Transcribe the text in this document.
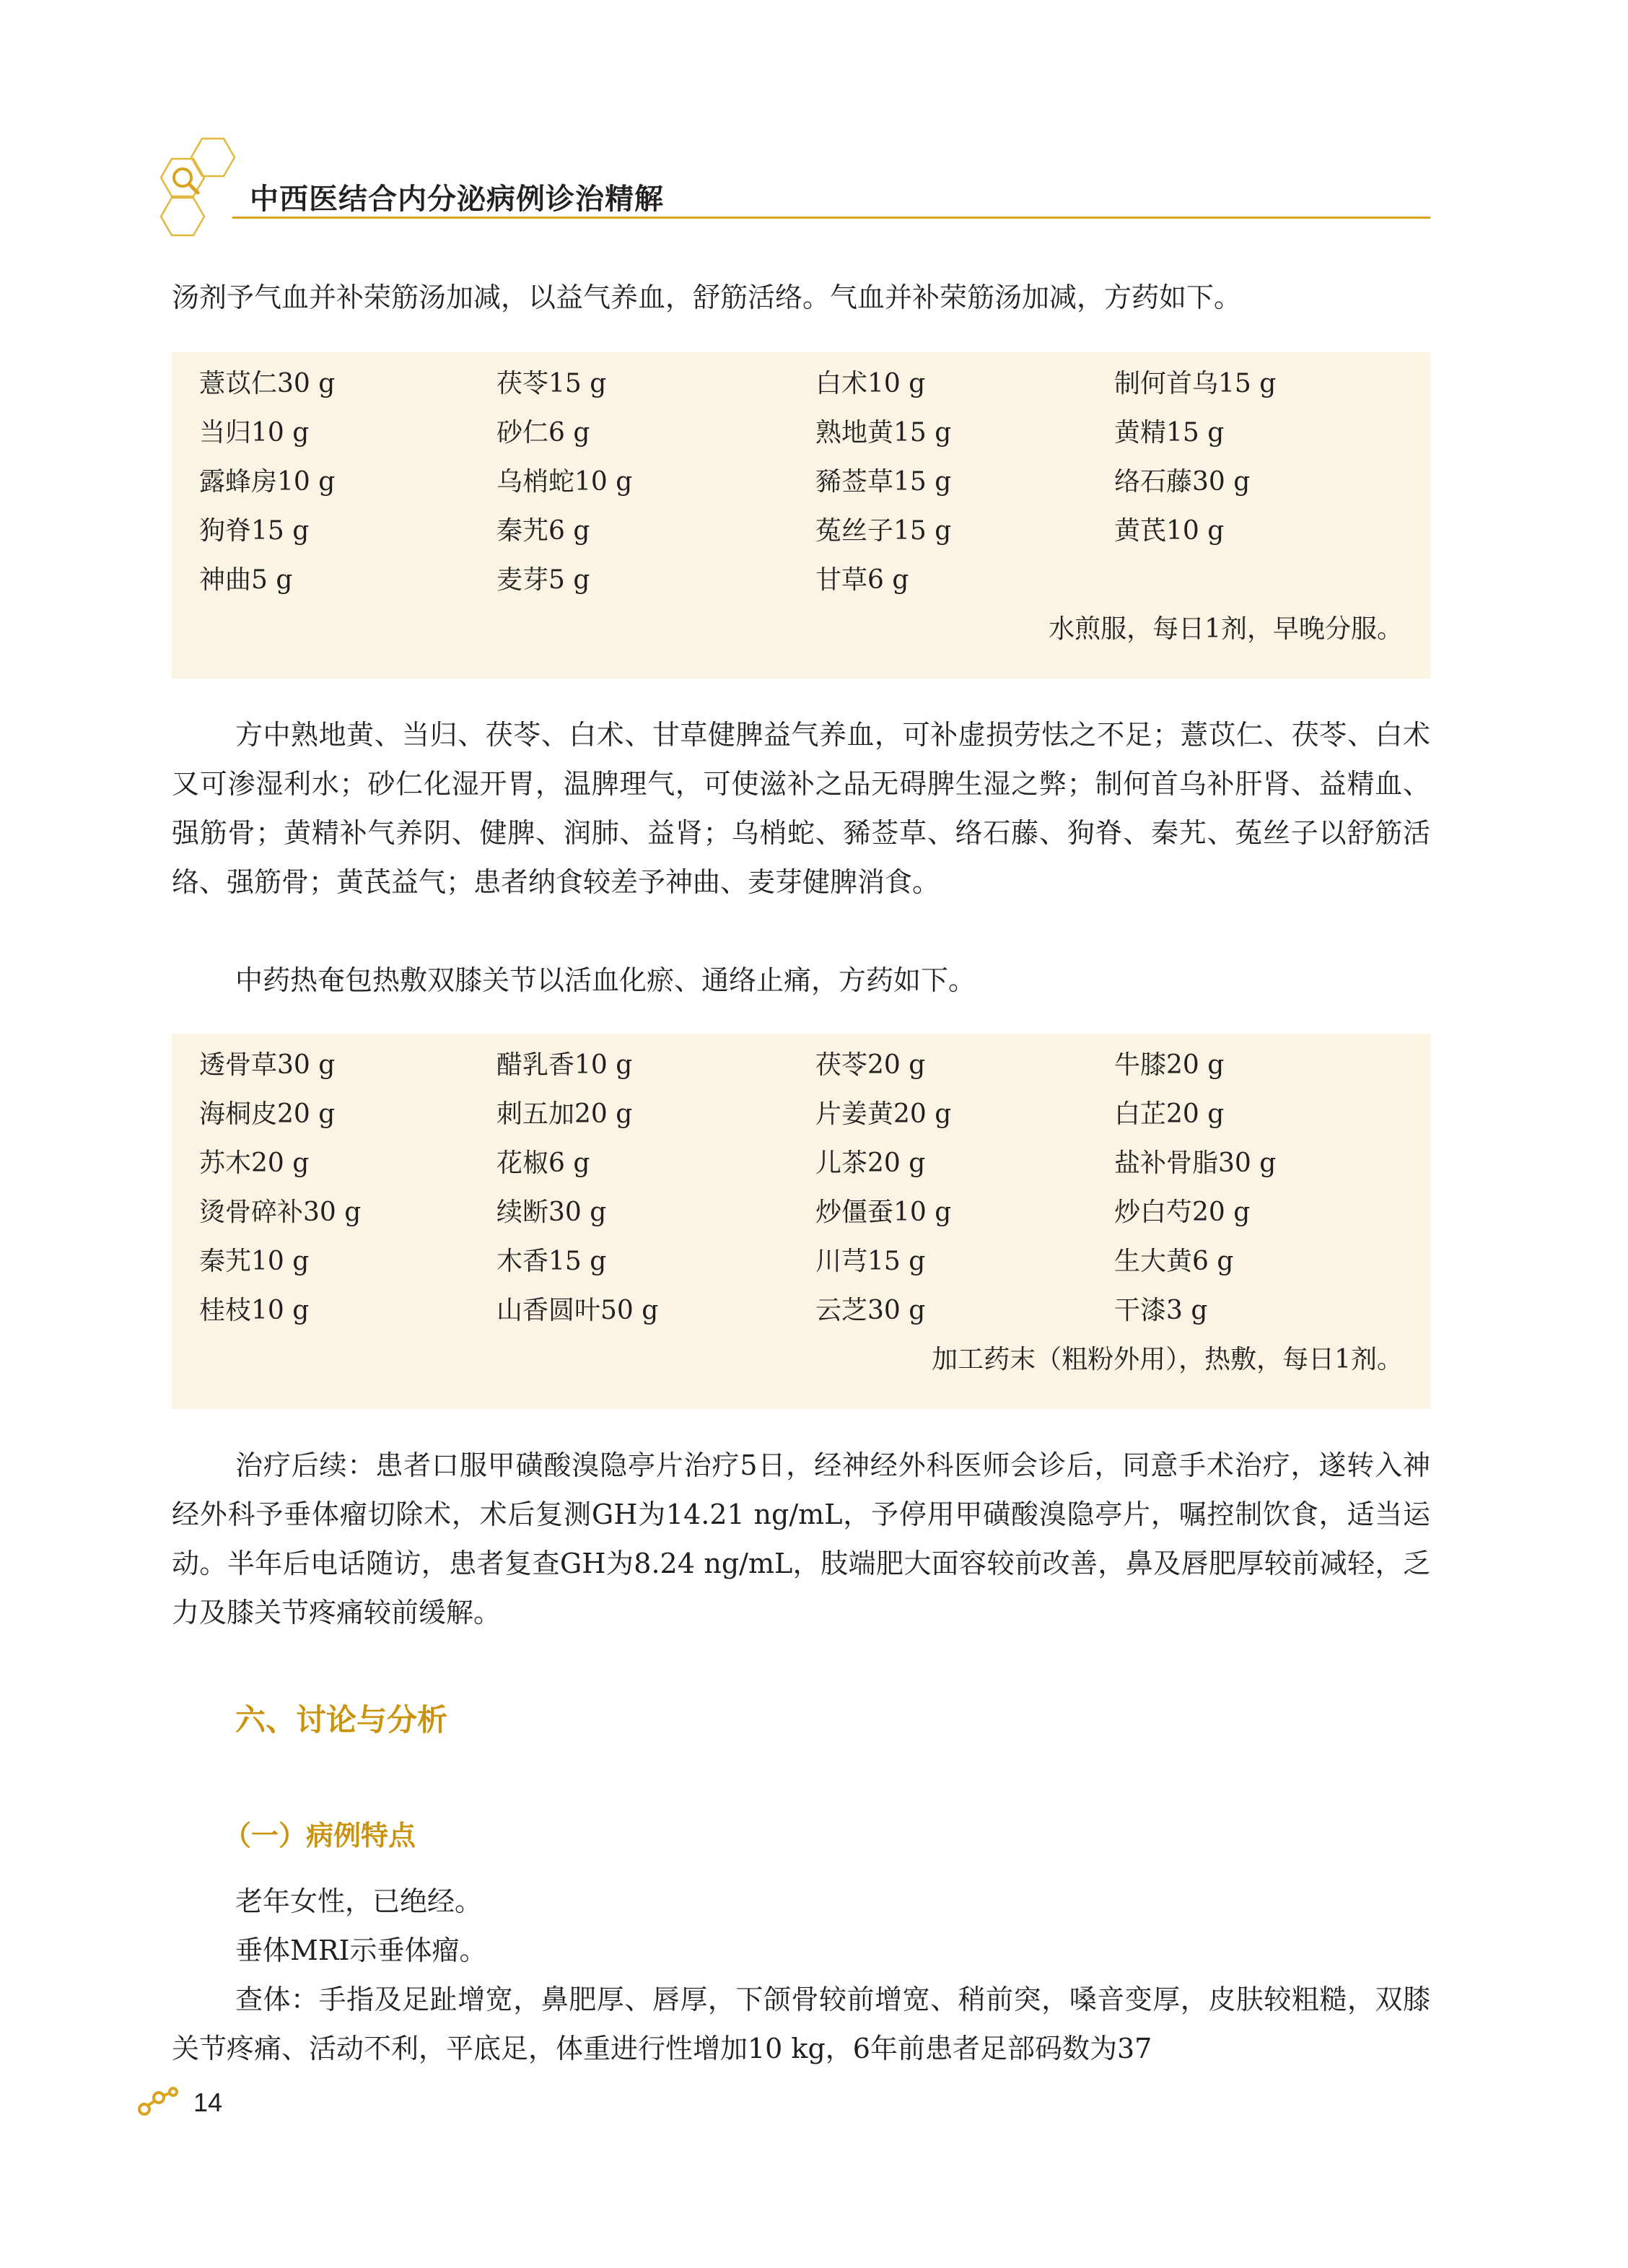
中西医结合内分泌病例诊治精解

汤剂予气血并补荣筋汤加减，以益气养血，舒筋活络。气血并补荣筋汤加减，方药如下。

薏苡仁30 g	茯苓15 g	白术10 g	制何首乌15 g
当归10 g	砂仁6 g	熟地黄15 g	黄精15 g
露蜂房10 g	乌梢蛇10 g	豨莶草15 g	络石藤30 g
狗脊15 g	秦艽6 g	菟丝子15 g	黄芪10 g
神曲5 g	麦芽5 g	甘草6 g
水煎服，每日1剂，早晚分服。

方中熟地黄、当归、茯苓、白术、甘草健脾益气养血，可补虚损劳怯之不足；薏苡仁、茯苓、白术又可渗湿利水；砂仁化湿开胃，温脾理气，可使滋补之品无碍脾生湿之弊；制何首乌补肝肾、益精血、强筋骨；黄精补气养阴、健脾、润肺、益肾；乌梢蛇、豨莶草、络石藤、狗脊、秦艽、菟丝子以舒筋活络、强筋骨；黄芪益气；患者纳食较差予神曲、麦芽健脾消食。

中药热奄包热敷双膝关节以活血化瘀、通络止痛，方药如下。

透骨草30 g	醋乳香10 g	茯苓20 g	牛膝20 g
海桐皮20 g	刺五加20 g	片姜黄20 g	白芷20 g
苏木20 g	花椒6 g	儿茶20 g	盐补骨脂30 g
烫骨碎补30 g	续断30 g	炒僵蚕10 g	炒白芍20 g
秦艽10 g	木香15 g	川芎15 g	生大黄6 g
桂枝10 g	山香圆叶50 g	云芝30 g	干漆3 g
加工药末（粗粉外用），热敷，每日1剂。

治疗后续：患者口服甲磺酸溴隐亭片治疗5日，经神经外科医师会诊后，同意手术治疗，遂转入神经外科予垂体瘤切除术，术后复测GH为14.21 ng/mL，予停用甲磺酸溴隐亭片，嘱控制饮食，适当运动。半年后电话随访，患者复查GH为8.24 ng/mL，肢端肥大面容较前改善，鼻及唇肥厚较前减轻，乏力及膝关节疼痛较前缓解。

六、讨论与分析
（一）病例特点

老年女性，已绝经。

垂体MRI示垂体瘤。

查体：手指及足趾增宽，鼻肥厚、唇厚，下颌骨较前增宽、稍前突，嗓音变厚，皮肤较粗糙，双膝关节疼痛、活动不利，平底足，体重进行性增加10 kg，6年前患者足部码数为37

14
